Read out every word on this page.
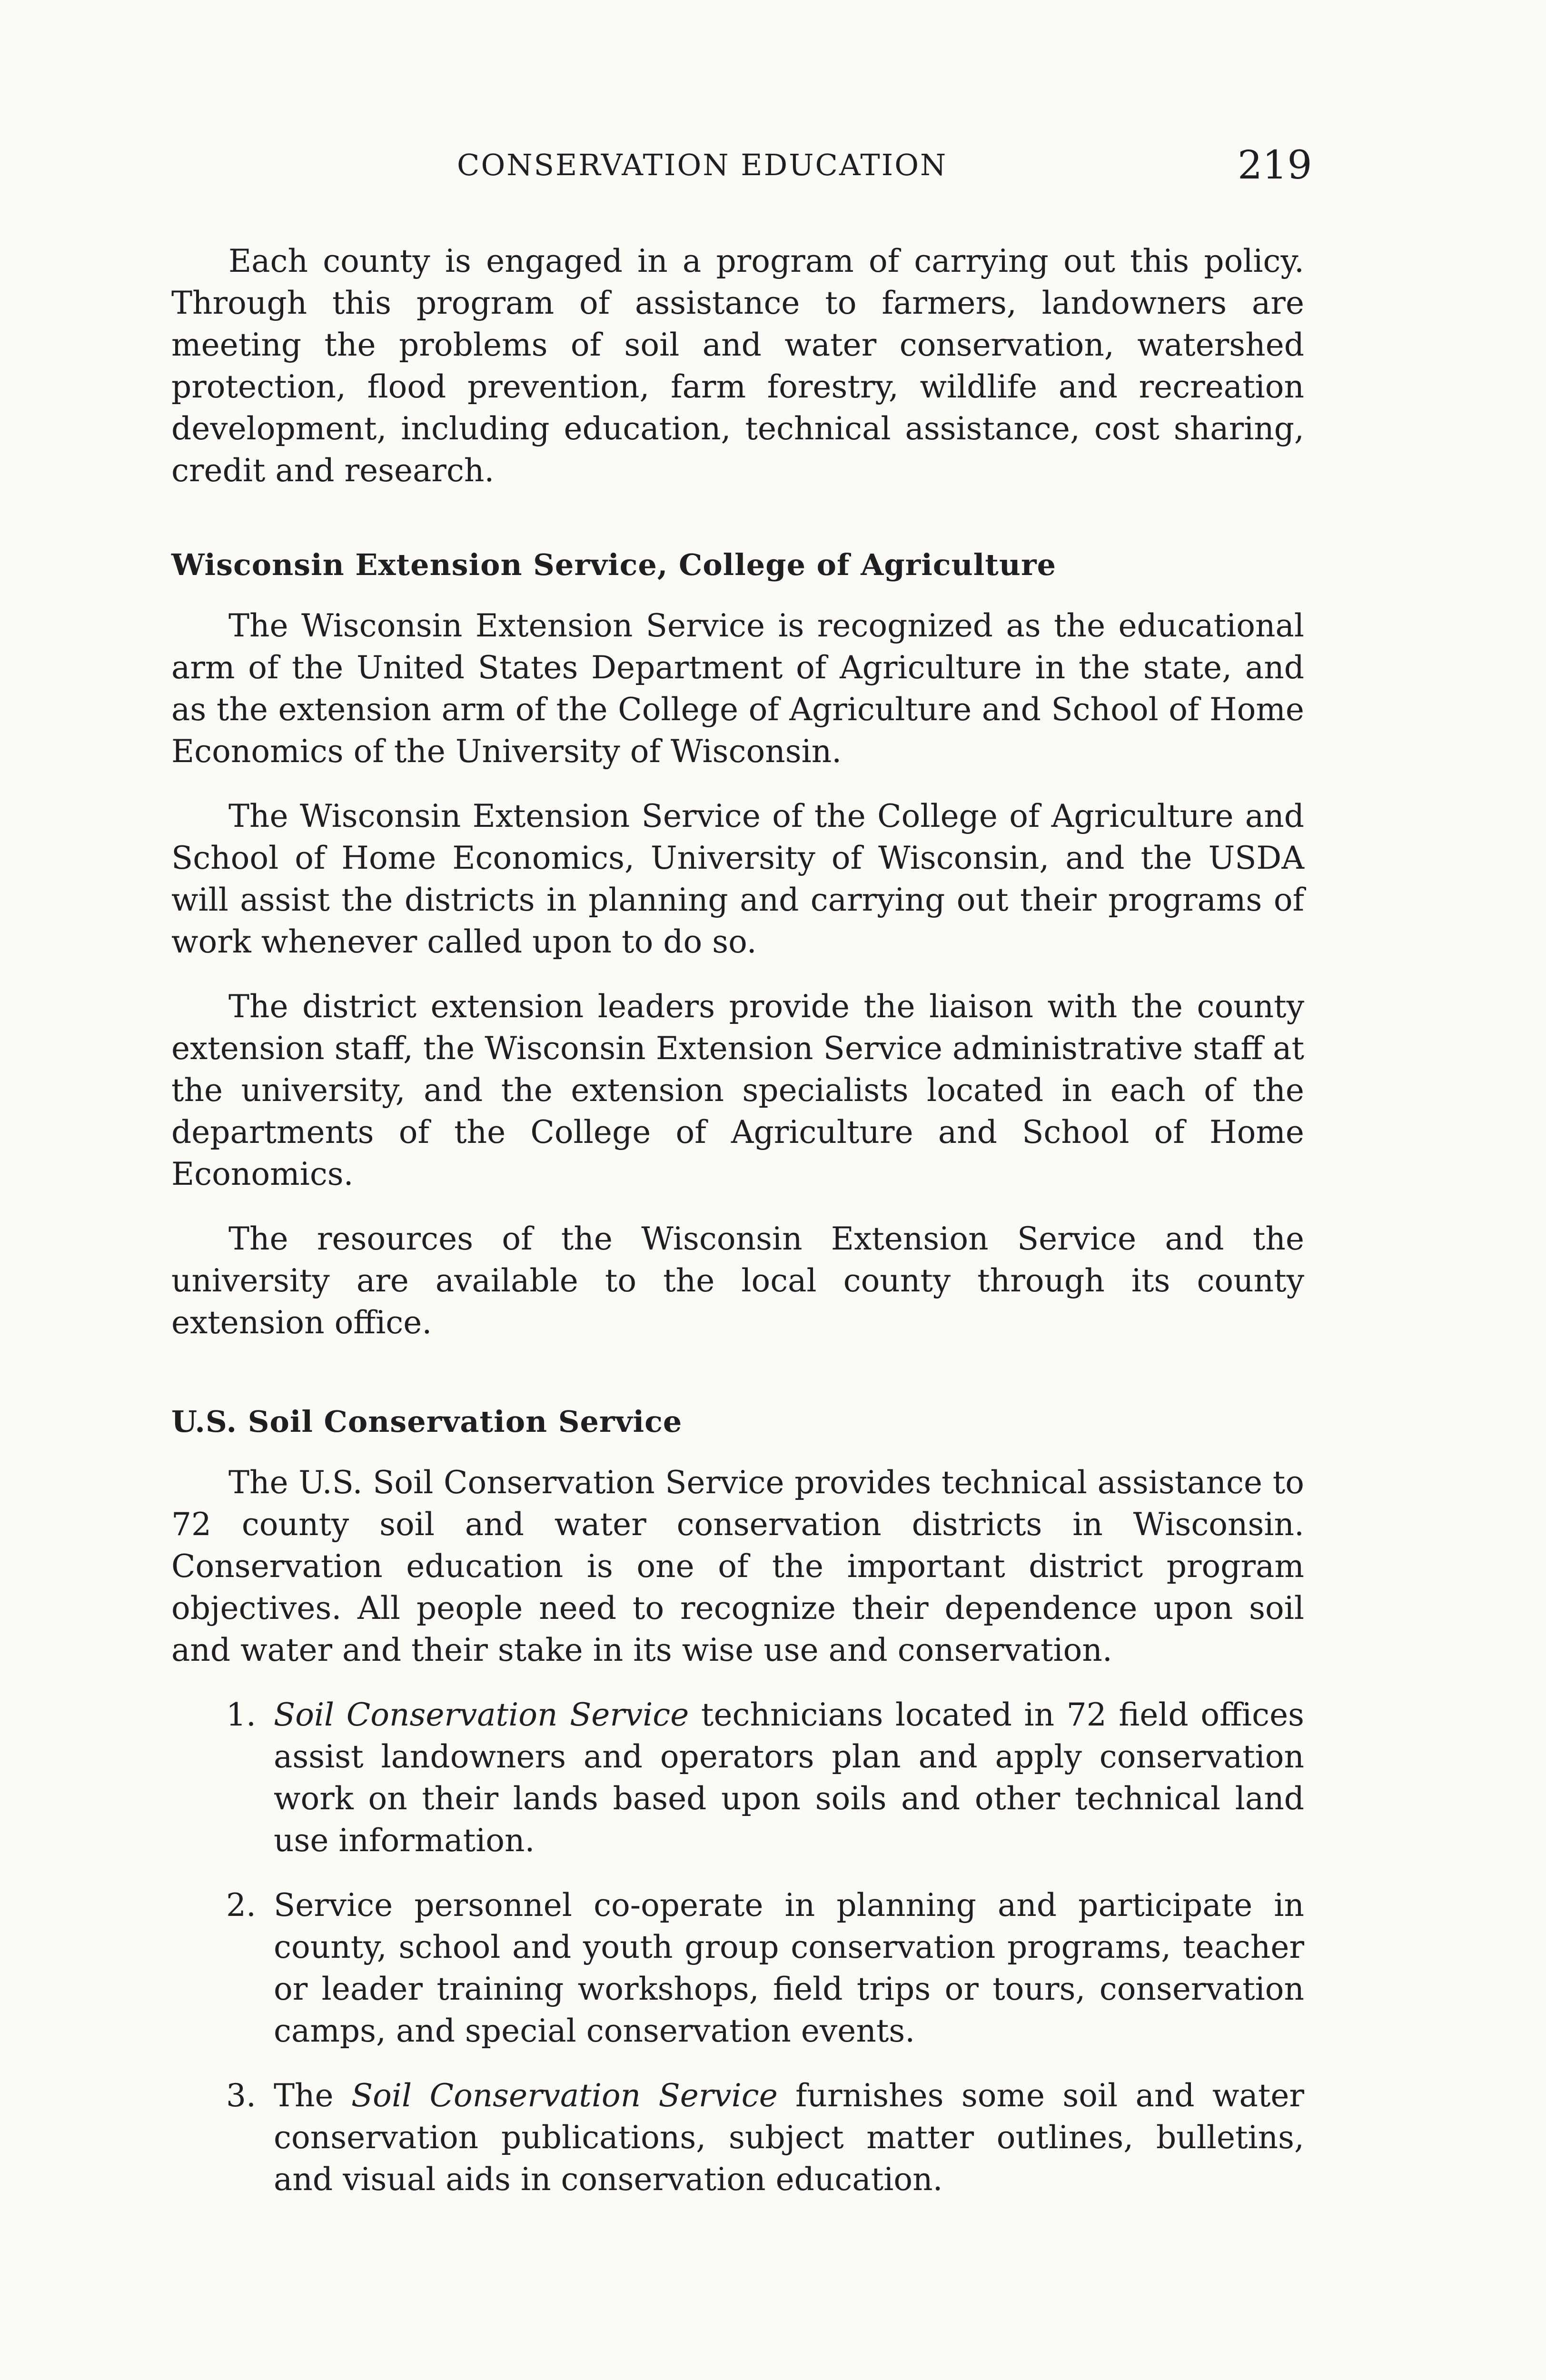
CONSERVATION EDUCATION	219

Each county is engaged in a program of carrying out this policy. Through this program of assistance to farmers, landowners are meeting the problems of soil and water conservation, watershed protection, flood prevention, farm forestry, wildlife and recreation development, including education, technical assistance, cost sharing, credit and research.

Wisconsin Extension Service, College of Agriculture

The Wisconsin Extension Service is recognized as the educational arm of the United States Department of Agriculture in the state, and as the extension arm of the College of Agriculture and School of Home Economics of the University of Wisconsin.

The Wisconsin Extension Service of the College of Agriculture and School of Home Economics, University of Wisconsin, and the USDA will assist the districts in planning and carrying out their programs of work whenever called upon to do so.

The district extension leaders provide the liaison with the county extension staff, the Wisconsin Extension Service administrative staff at the university, and the extension specialists located in each of the departments of the College of Agriculture and School of Home Economics.

The resources of the Wisconsin Extension Service and the university are available to the local county through its county extension office.

U.S. Soil Conservation Service

The U.S. Soil Conservation Service provides technical assistance to 72 county soil and water conservation districts in Wisconsin. Conservation education is one of the important district program objectives. All people need to recognize their dependence upon soil and water and their stake in its wise use and conservation.

1. Soil Conservation Service technicians located in 72 field offices assist landowners and operators plan and apply conservation work on their lands based upon soils and other technical land use information.
2. Service personnel co-operate in planning and participate in county, school and youth group conservation programs, teacher or leader training workshops, field trips or tours, conservation camps, and special conservation events.
3. The Soil Conservation Service furnishes some soil and water conservation publications, subject matter outlines, bulletins, and visual aids in conservation education.
